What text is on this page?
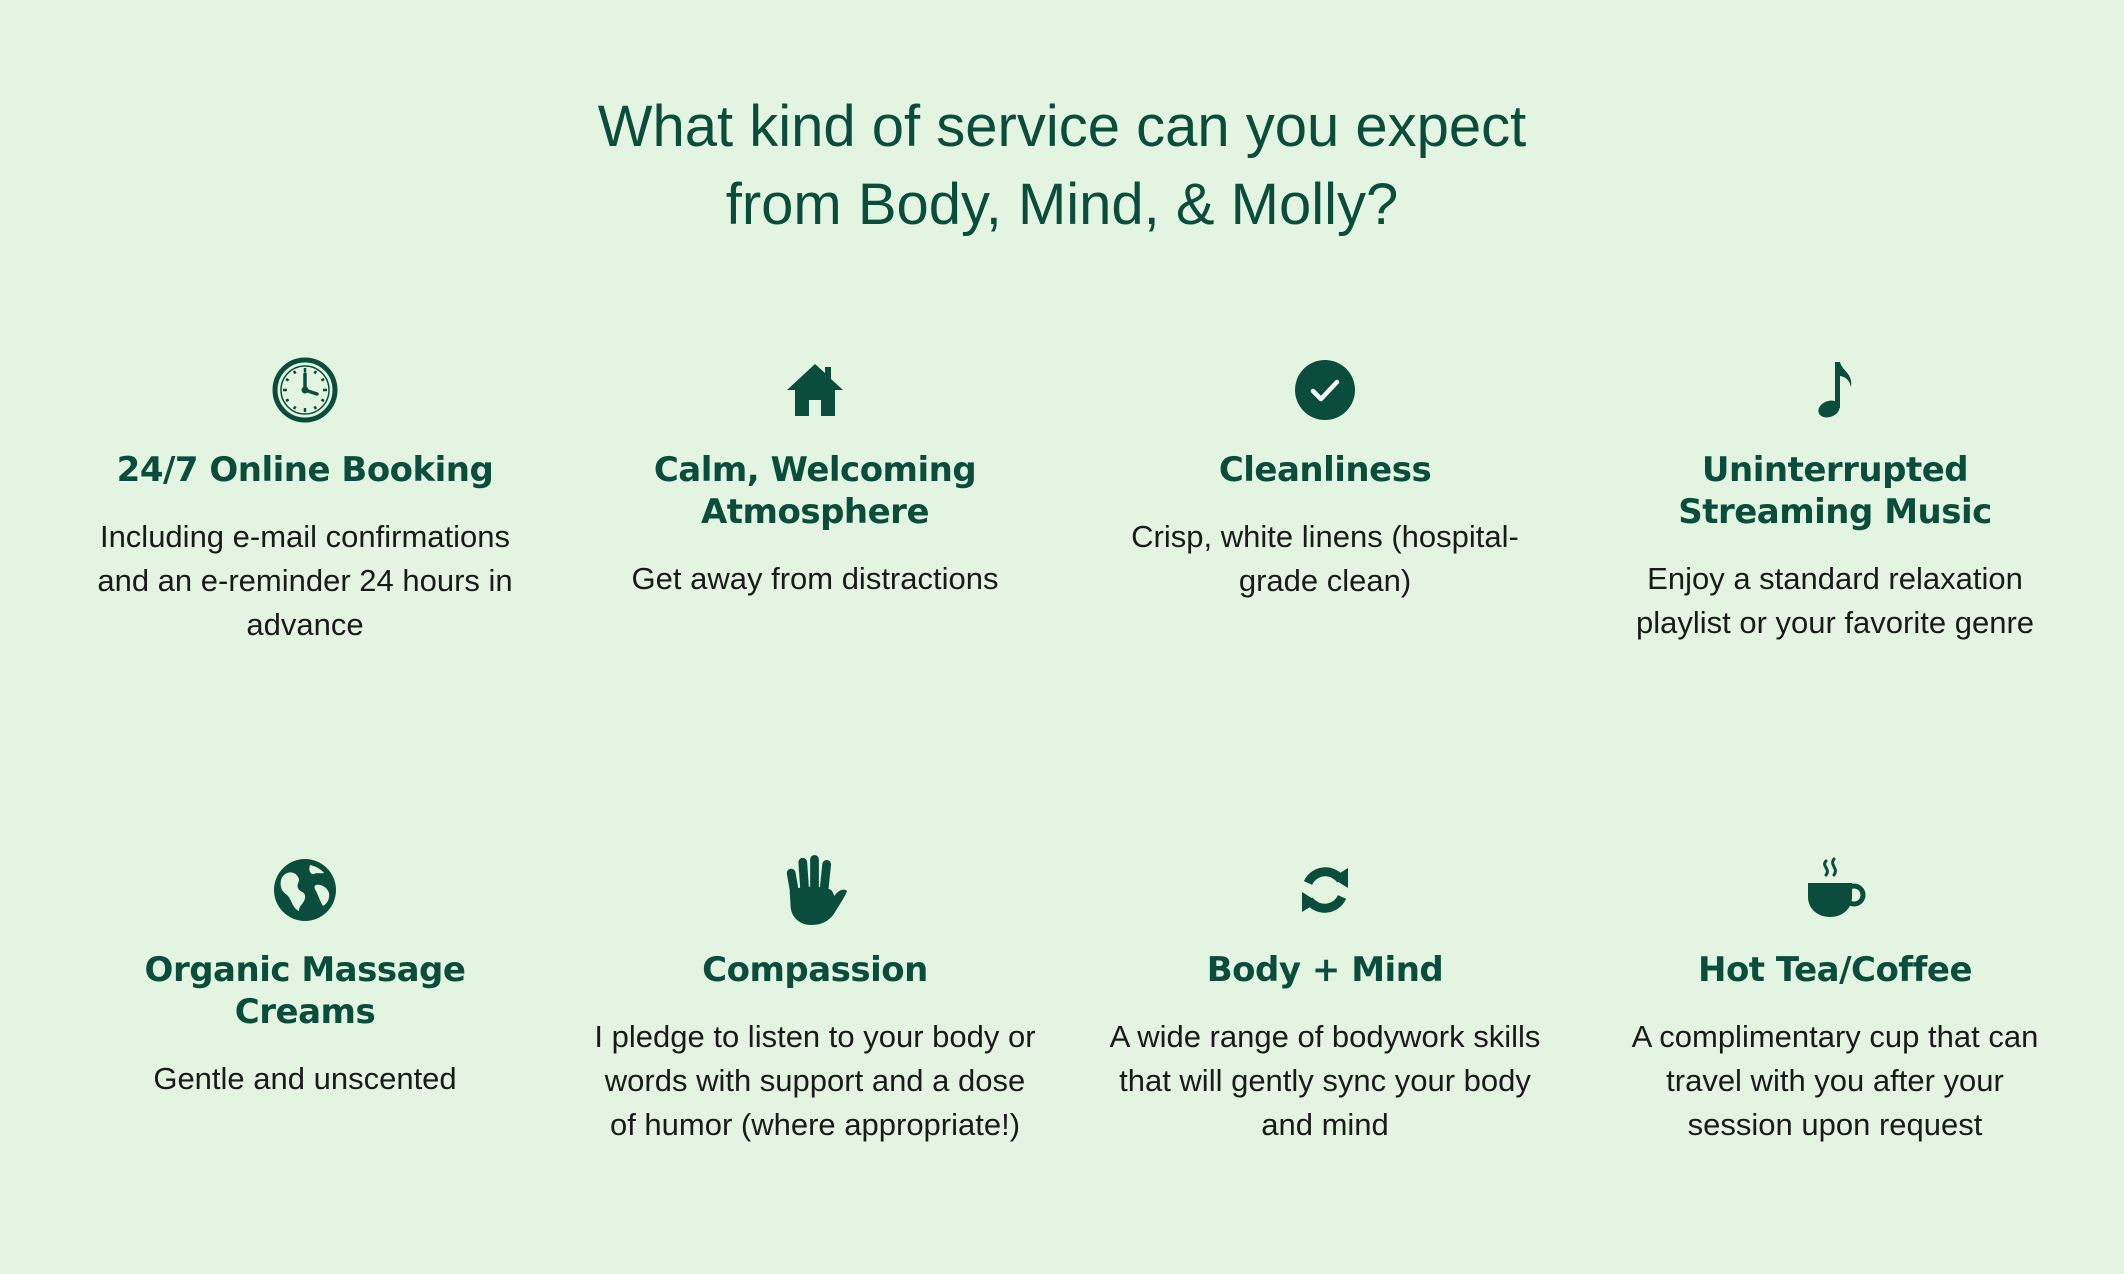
What kind of service can you expect
from Body, Mind, & Molly?
24/7 Online Booking
Including e-mail confirmations and an e-reminder 24 hours in advance
Calm, Welcoming Atmosphere
Get away from distractions
Cleanliness
Crisp, white linens (hospital-grade clean)
Uninterrupted Streaming Music
Enjoy a standard relaxation playlist or your favorite genre
Organic Massage Creams
Gentle and unscented
Compassion
I pledge to listen to your body or words with support and a dose of humor (where appropriate!)
Body + Mind
A wide range of bodywork skills that will gently sync your body and mind
Hot Tea/Coffee
A complimentary cup that can travel with you after your session upon request
